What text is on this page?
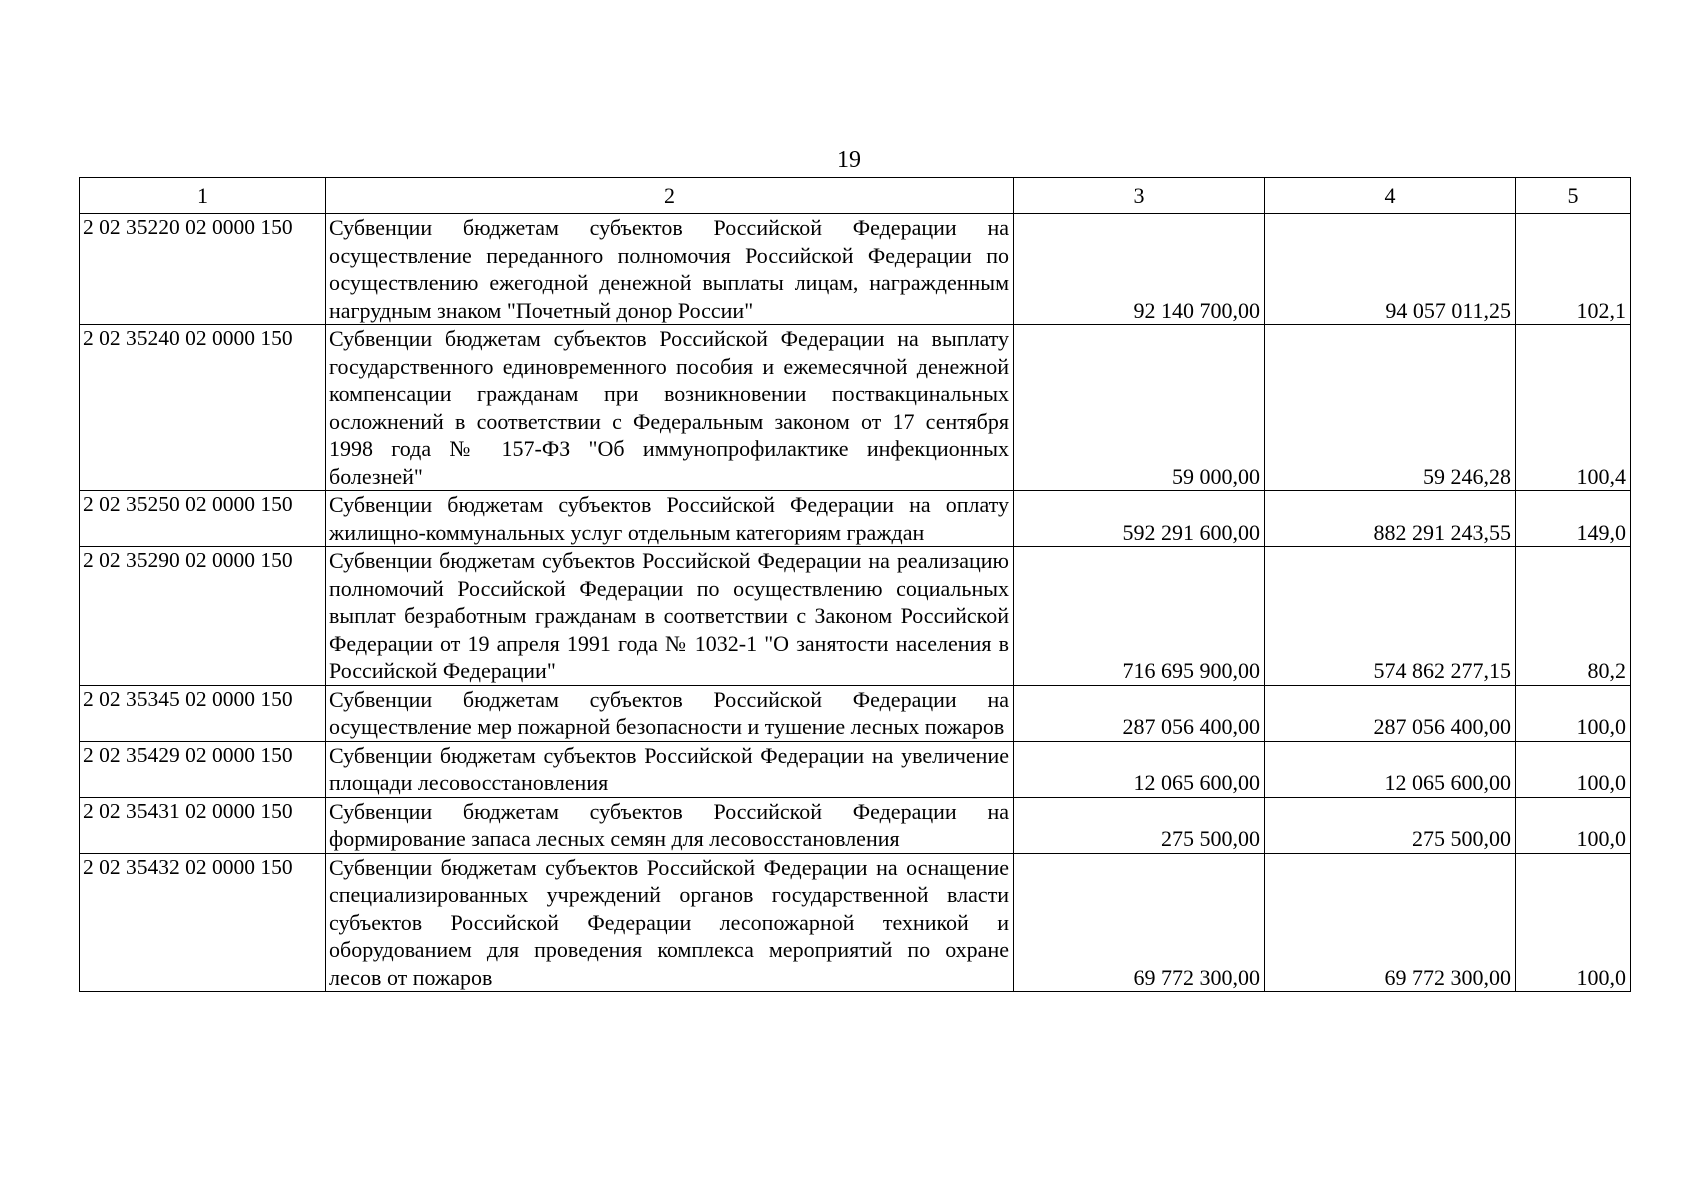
19
1	2	3	4	5
2 02 35220 02 0000 150	Субвенции бюджетам субъектов Российской Федерации на осуществление переданного полномочия Российской Федерации по осуществлению ежегодной денежной выплаты лицам, награжденным нагрудным знаком "Почетный донор России"	92 140 700,00	94 057 011,25	102,1
2 02 35240 02 0000 150	Субвенции бюджетам субъектов Российской Федерации на выплату государственного единовременного пособия и ежемесячной денежной компенсации гражданам при возникновении поствакцинальных осложнений в соответствии с Федеральным законом от 17 сентября 1998 года № 157-ФЗ "Об иммунопрофилактике инфекционных болезней"	59 000,00	59 246,28	100,4
2 02 35250 02 0000 150	Субвенции бюджетам субъектов Российской Федерации на оплату жилищно-коммунальных услуг отдельным категориям граждан	592 291 600,00	882 291 243,55	149,0
2 02 35290 02 0000 150	Субвенции бюджетам субъектов Российской Федерации на реализацию полномочий Российской Федерации по осуществлению социальных выплат безработным гражданам в соответствии с Законом Российской Федерации от 19 апреля 1991 года № 1032-1 "О занятости населения в Российской Федерации"	716 695 900,00	574 862 277,15	80,2
2 02 35345 02 0000 150	Субвенции бюджетам субъектов Российской Федерации на осуществление мер пожарной безопасности и тушение лесных пожаров	287 056 400,00	287 056 400,00	100,0
2 02 35429 02 0000 150	Субвенции бюджетам субъектов Российской Федерации на увеличение площади лесовосстановления	12 065 600,00	12 065 600,00	100,0
2 02 35431 02 0000 150	Субвенции бюджетам субъектов Российской Федерации на формирование запаса лесных семян для лесовосстановления	275 500,00	275 500,00	100,0
2 02 35432 02 0000 150	Субвенции бюджетам субъектов Российской Федерации на оснащение специализированных учреждений органов государственной власти субъектов Российской Федерации лесопожарной техникой и оборудованием для проведения комплекса мероприятий по охране лесов от пожаров	69 772 300,00	69 772 300,00	100,0
